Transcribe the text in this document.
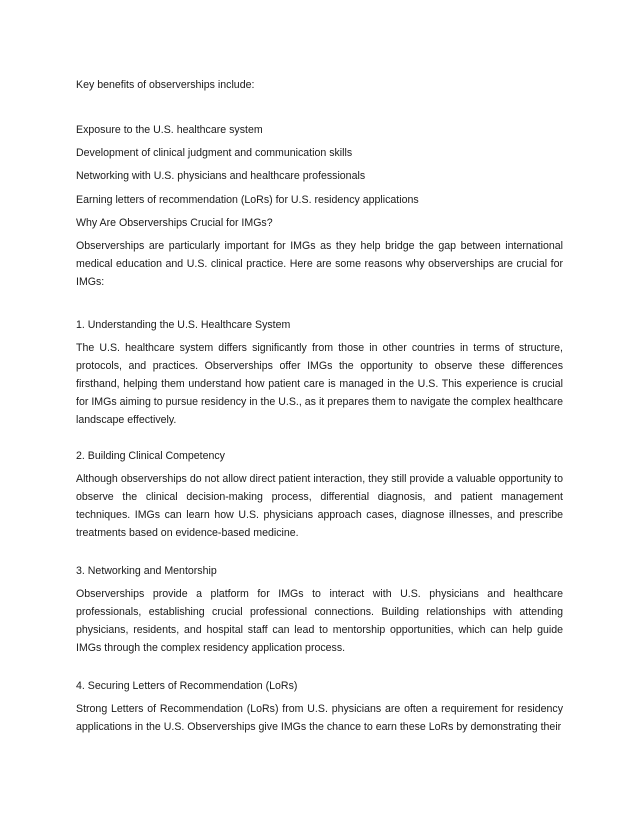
Key benefits of observerships include:

Exposure to the U.S. healthcare system

Development of clinical judgment and communication skills

Networking with U.S. physicians and healthcare professionals

Earning letters of recommendation (LoRs) for U.S. residency applications

Why Are Observerships Crucial for IMGs?

Observerships are particularly important for IMGs as they help bridge the gap between international medical education and U.S. clinical practice. Here are some reasons why observerships are crucial for IMGs:

1. Understanding the U.S. Healthcare System

The U.S. healthcare system differs significantly from those in other countries in terms of structure, protocols, and practices. Observerships offer IMGs the opportunity to observe these differences firsthand, helping them understand how patient care is managed in the U.S. This experience is crucial for IMGs aiming to pursue residency in the U.S., as it prepares them to navigate the complex healthcare landscape effectively.

2. Building Clinical Competency

Although observerships do not allow direct patient interaction, they still provide a valuable opportunity to observe the clinical decision-making process, differential diagnosis, and patient management techniques. IMGs can learn how U.S. physicians approach cases, diagnose illnesses, and prescribe treatments based on evidence-based medicine.

3. Networking and Mentorship

Observerships provide a platform for IMGs to interact with U.S. physicians and healthcare professionals, establishing crucial professional connections. Building relationships with attending physicians, residents, and hospital staff can lead to mentorship opportunities, which can help guide IMGs through the complex residency application process.

4. Securing Letters of Recommendation (LoRs)

Strong Letters of Recommendation (LoRs) from U.S. physicians are often a requirement for residency applications in the U.S. Observerships give IMGs the chance to earn these LoRs by demonstrating their
